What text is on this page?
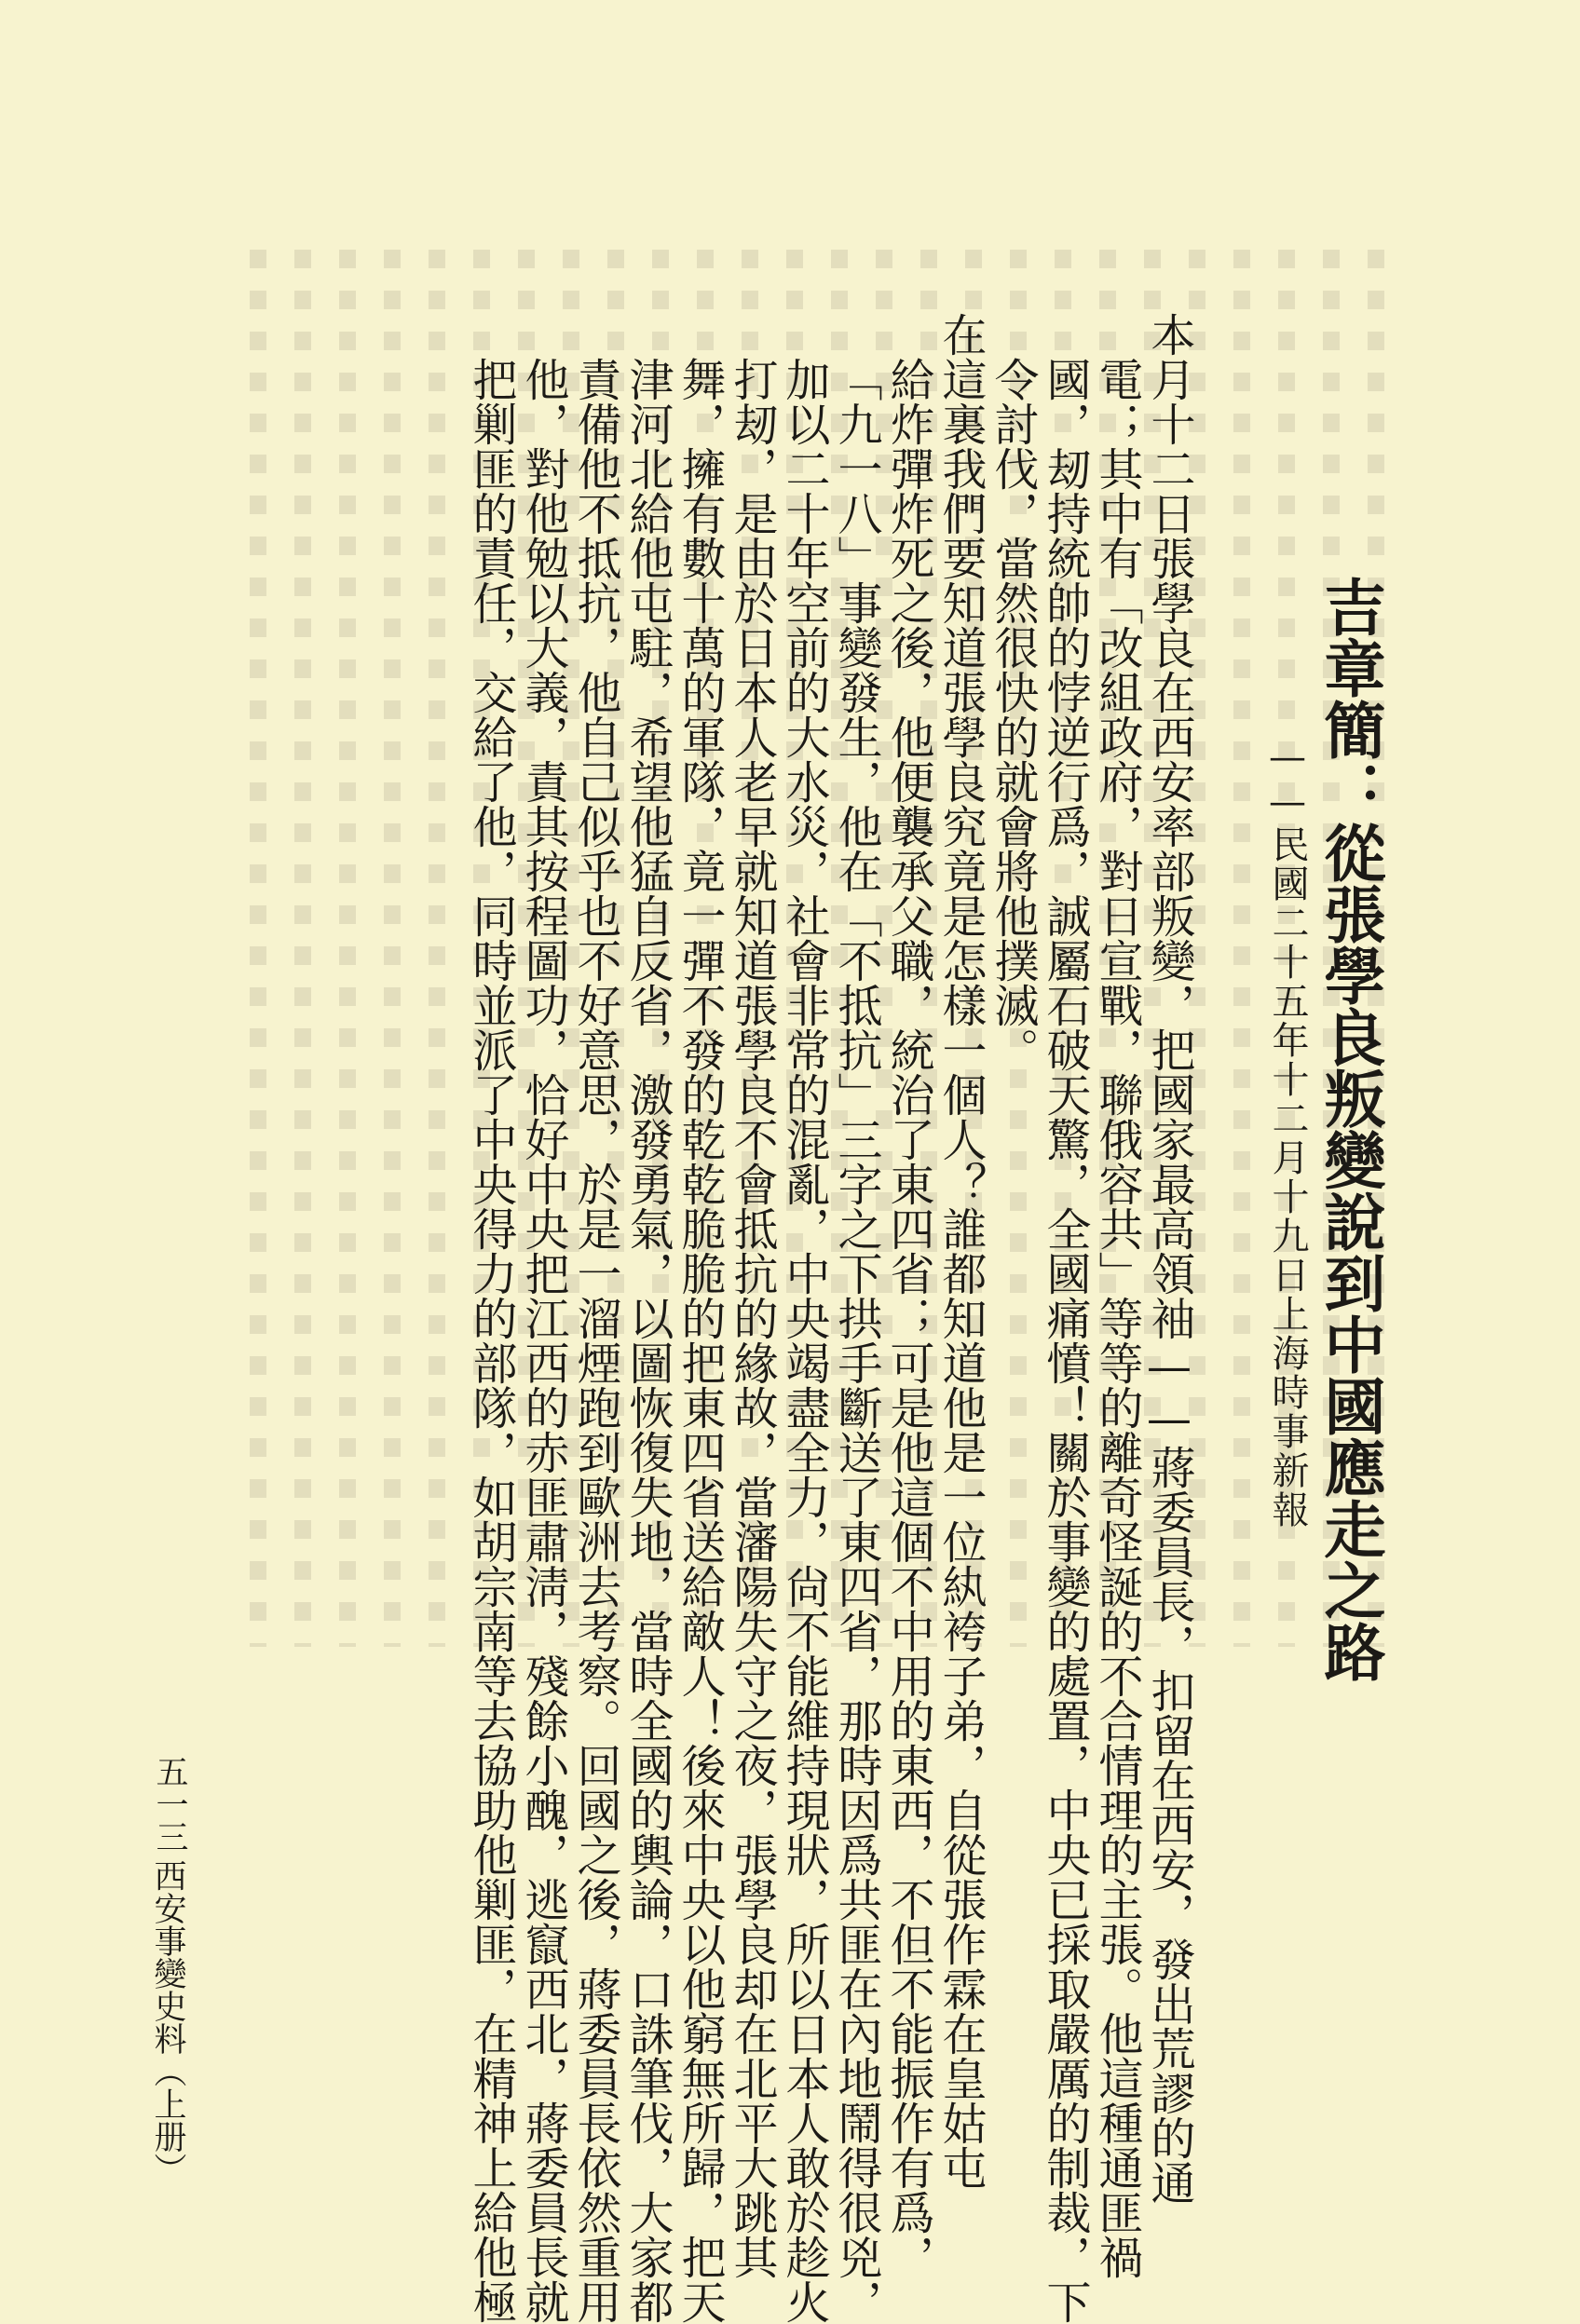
吉章簡：從張學良叛變說到中國應走之路
——民國二十五年十二月十九日上海時事新報
本月十二日張學良在西安率部叛變，把國家最高領袖——蔣委員長，扣留在西安，發出荒謬的通
電；其中有「改組政府，對日宣戰，聯俄容共」等等的離奇怪誕的不合情理的主張。他這種通匪禍
國，刼持統帥的悖逆行爲，誠屬石破天驚，全國痛憤！關於事變的處置，中央已採取嚴厲的制裁，下
令討伐，當然很快的就會將他撲滅。
在這裏我們要知道張學良究竟是怎樣一個人？誰都知道他是一位紈袴子弟，自從張作霖在皇姑屯
給炸彈炸死之後，他便襲承父職，統治了東四省；可是他這個不中用的東西，不但不能振作有爲，
「九一八」事變發生，他在「不抵抗」三字之下拱手斷送了東四省，那時因爲共匪在內地鬧得很兇，
加以二十年空前的大水災，社會非常的混亂，中央竭盡全力，尙不能維持現狀，所以日本人敢於趁火
打刼，是由於日本人老早就知道張學良不會抵抗的緣故，當瀋陽失守之夜，張學良却在北平大跳其
舞，擁有數十萬的軍隊，竟一彈不發的乾乾脆脆的把東四省送給敵人！後來中央以他窮無所歸，把天
津河北給他屯駐，希望他猛自反省，激發勇氣，以圖恢復失地，當時全國的輿論，口誅筆伐，大家都
責備他不抵抗，他自己似乎也不好意思，於是一溜煙跑到歐洲去考察。回國之後，蔣委員長依然重用
他，對他勉以大義，責其按程圖功，恰好中央把江西的赤匪肅淸，殘餘小醜，逃竄西北，蔣委員長就
把剿匪的責任，交給了他，同時並派了中央得力的部隊，如胡宗南等去協助他剿匪，在精神上給他極
西安事變史料（上册）
五一三
